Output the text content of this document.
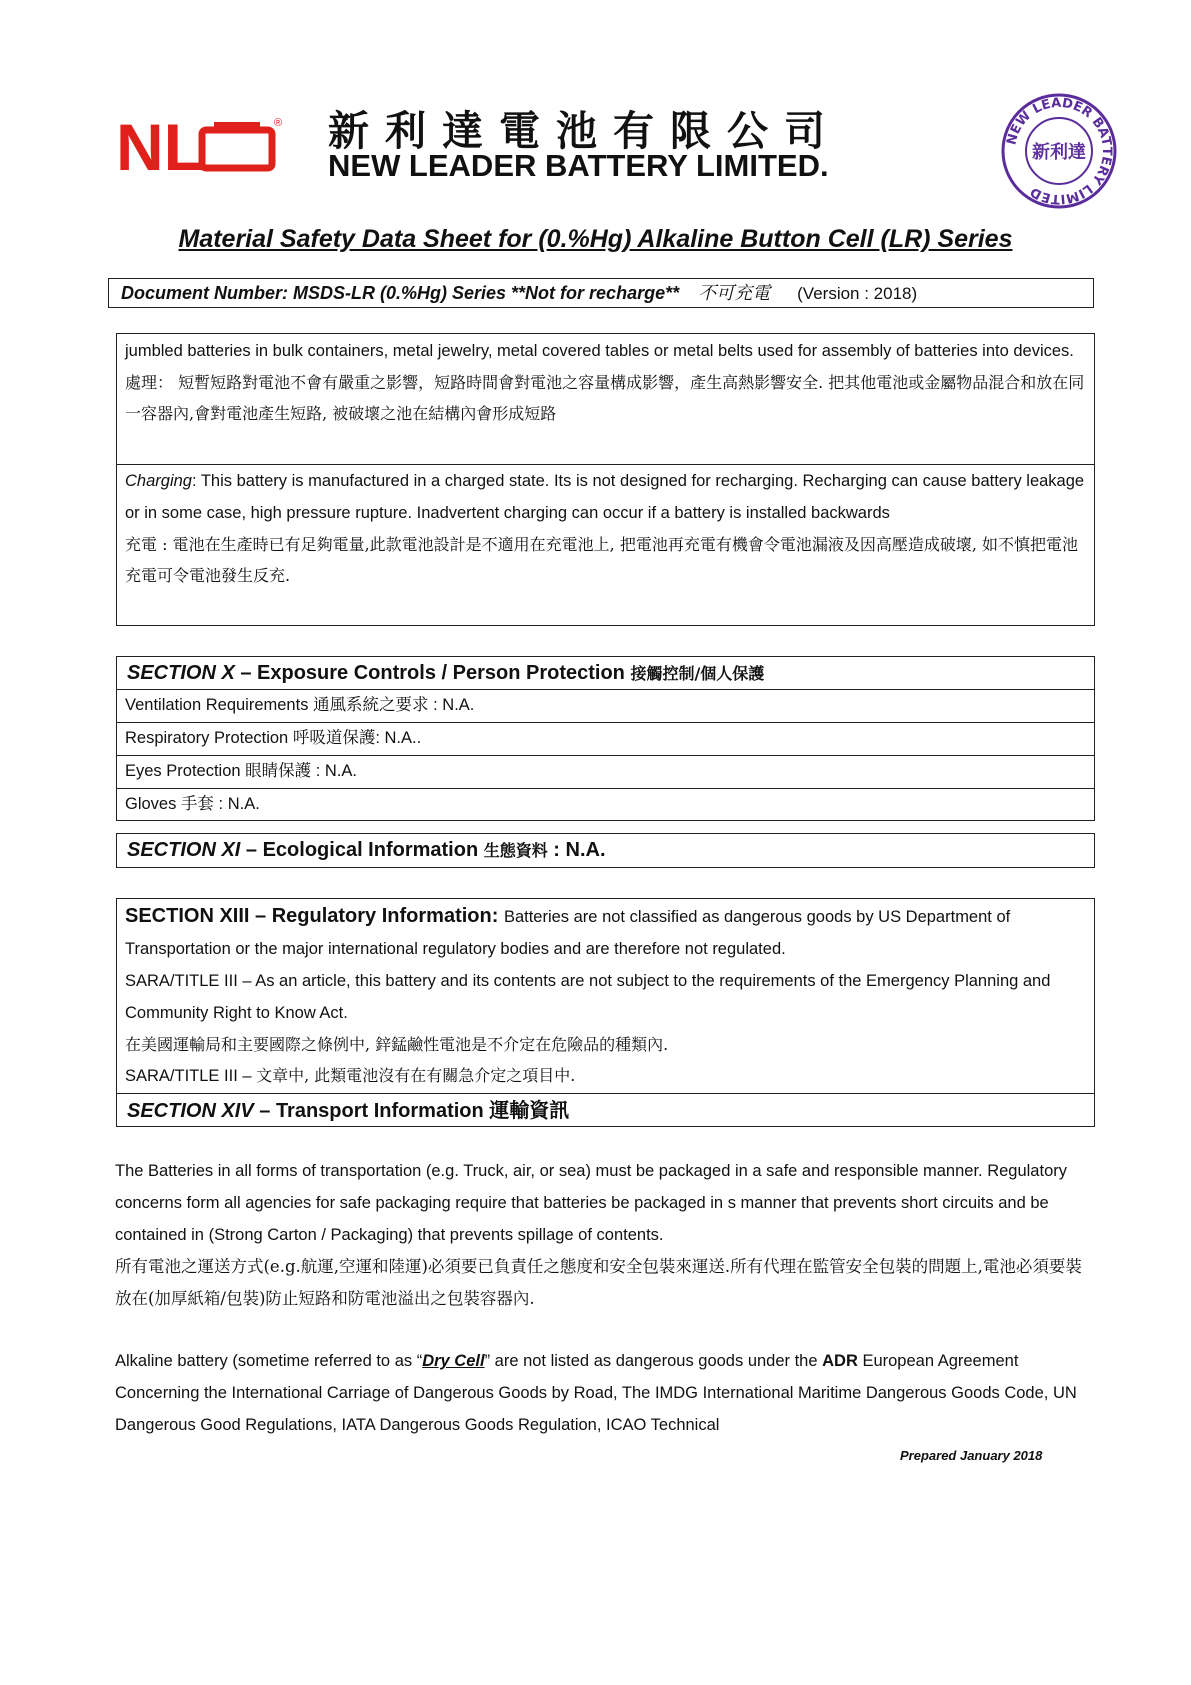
NL	® 新利達電池有限公司
NEW LEADER BATTERY LIMITED.
NEW LEADER BATTERY LIMITED
新利達
Material Safety Data Sheet for (0.%Hg) Alkaline Button Cell (LR) Series
Document Number: MSDS-LR (0.%Hg) Series **Not for recharge** 不可充電 (Version : 2018)
jumbled batteries in bulk containers, metal jewelry, metal covered tables or metal belts used for assembly of batteries into devices.
處理： 短暫短路對電池不會有嚴重之影響，短路時間會對電池之容量構成影響，產生高熱影響安全. 把其他電池或金屬物品混合和放在同一容器內,會對電池產生短路, 被破壞之池在結構內會形成短路
Charging: This battery is manufactured in a charged state. Its is not designed for recharging. Recharging can cause battery leakage or in some case, high pressure rupture. Inadvertent charging can occur if a battery is installed backwards
充電 : 電池在生產時已有足夠電量,此款電池設計是不適用在充電池上, 把電池再充電有機會令電池漏液及因高壓造成破壞, 如不慎把電池充電可令電池發生反充.
SECTION X – Exposure Controls / Person Protection 接觸控制/個人保護
Ventilation Requirements 通風系統之要求 : N.A.
Respiratory Protection 呼吸道保護: N.A..
Eyes Protection 眼睛保護 : N.A.
Gloves 手套 : N.A.
SECTION XI – Ecological Information 生態資料 : N.A.
SECTION XIII – Regulatory Information: Batteries are not classified as dangerous goods by US Department of Transportation or the major international regulatory bodies and are therefore not regulated.
SARA/TITLE III – As an article, this battery and its contents are not subject to the requirements of the Emergency Planning and Community Right to Know Act.
在美國運輸局和主要國際之條例中, 鋅錳鹼性電池是不介定在危險品的種類內.
SARA/TITLE III – 文章中, 此類電池沒有在有關急介定之項目中.
SECTION XIV – Transport Information 運輸資訊
The Batteries in all forms of transportation (e.g. Truck, air, or sea) must be packaged in a safe and responsible manner. Regulatory concerns form all agencies for safe packaging require that batteries be packaged in s manner that prevents short circuits and be contained in (Strong Carton / Packaging) that prevents spillage of contents.
所有電池之運送方式(e.g.航運,空運和陸運)必須要已負責任之態度和安全包裝來運送.所有代理在監管安全包裝的問題上,電池必須要裝放在(加厚紙箱/包裝)防止短路和防電池溢出之包裝容器內.
Alkaline battery (sometime referred to as “Dry Cell” are not listed as dangerous goods under the ADR European Agreement Concerning the International Carriage of Dangerous Goods by Road, The IMDG International Maritime Dangerous Goods Code, UN Dangerous Good Regulations, IATA Dangerous Goods Regulation, ICAO Technical
Prepared January 2018
